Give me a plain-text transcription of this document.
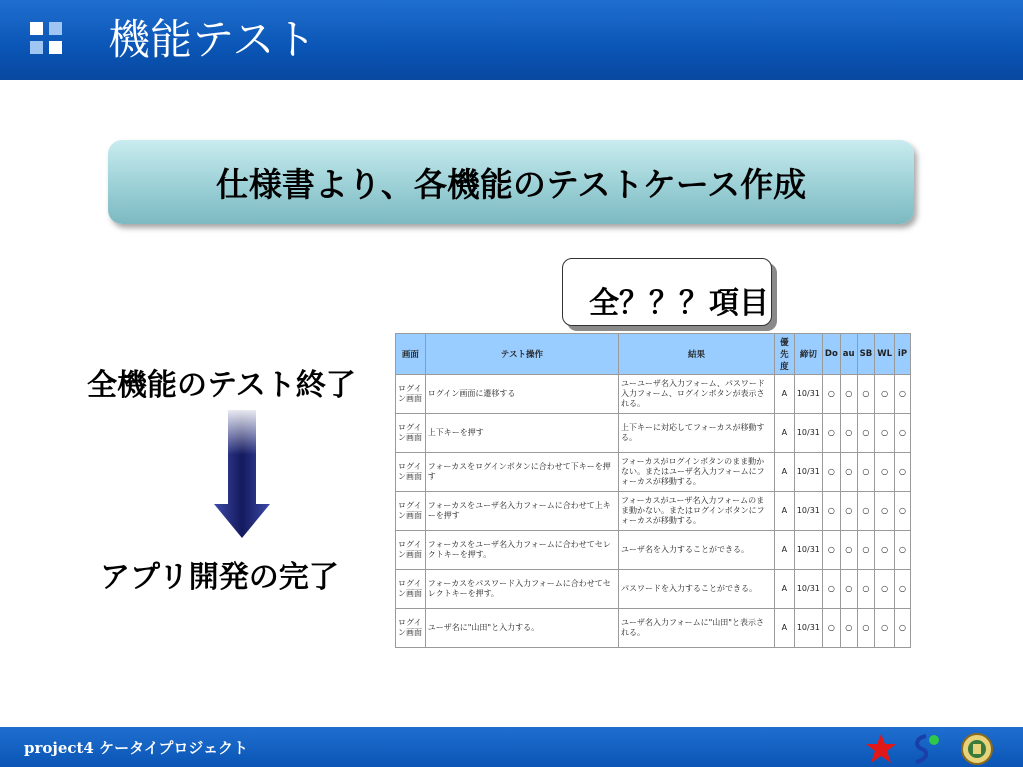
機能テスト
仕様書より、各機能のテストケース作成
全？？？項目
全機能のテスト終了
アプリ開発の完了
画面	テスト操作	結果	優先度	締切	Do	au	SB	WL	iP
ログイン画面	ログイン画面に遷移する	ユーユーザ名入力フォーム、パスワード入力フォーム、ログインボタンが表示される。	A	10/31	○	○	○	○	○
ログイン画面	上下キーを押す	上下キーに対応してフォーカスが移動する。	A	10/31	○	○	○	○	○
ログイン画面	フォーカスをログインボタンに合わせて下キーを押す	フォーカスがログインボタンのまま動かない。またはユーザ名入力フォームにフォーカスが移動する。	A	10/31	○	○	○	○	○
ログイン画面	フォーカスをユーザ名入力フォームに合わせて上キーを押す	フォーカスがユーザ名入力フォームのまま動かない。またはログインボタンにフォーカスが移動する。	A	10/31	○	○	○	○	○
ログイン画面	フォーカスをユーザ名入力フォームに合わせてセレクトキーを押す。	ユーザ名を入力することができる。	A	10/31	○	○	○	○	○
ログイン画面	フォーカスをパスワード入力フォームに合わせてセレクトキーを押す。	パスワードを入力することができる。	A	10/31	○	○	○	○	○
ログイン画面	ユーザ名に"山田"と入力する。	ユーザ名入力フォームに"山田"と表示される。	A	10/31	○	○	○	○	○
project4 ケータイプロジェクト
